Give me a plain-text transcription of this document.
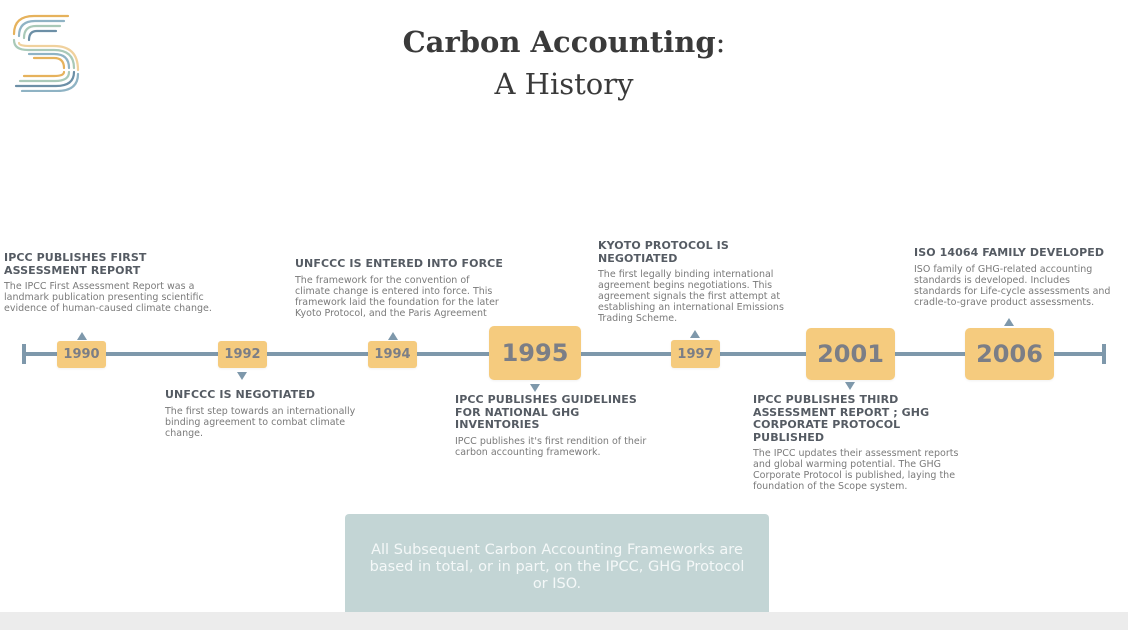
Carbon Accounting:
A History
1990	1992	1994	1995	1997	2001	2006
IPCC PUBLISHES FIRST ASSESSMENT REPORT
The IPCC First Assessment Report was a landmark publication presenting scientific evidence of human-caused climate change.
UNFCCC IS NEGOTIATED
The first step towards an internationally binding agreement to combat climate change.
UNFCCC IS ENTERED INTO FORCE
The framework for the convention of climate change is entered into force. This framework laid the foundation for the later Kyoto Protocol, and the Paris Agreement
IPCC PUBLISHES GUIDELINES FOR NATIONAL GHG INVENTORIES
IPCC publishes it's first rendition of their carbon accounting framework.
KYOTO PROTOCOL IS NEGOTIATED
The first legally binding international agreement begins negotiations. This agreement signals the first attempt at establishing an international Emissions Trading Scheme.
IPCC PUBLISHES THIRD ASSESSMENT REPORT ; GHG CORPORATE PROTOCOL PUBLISHED
The IPCC updates their assessment reports and global warming potential. The GHG Corporate Protocol is published, laying the foundation of the Scope system.
ISO 14064 FAMILY DEVELOPED
ISO family of GHG-related accounting standards is developed. Includes standards for Life-cycle assessments and cradle-to-grave product assessments.
All Subsequent Carbon Accounting Frameworks are based in total, or in part, on the IPCC, GHG Protocol or ISO.
